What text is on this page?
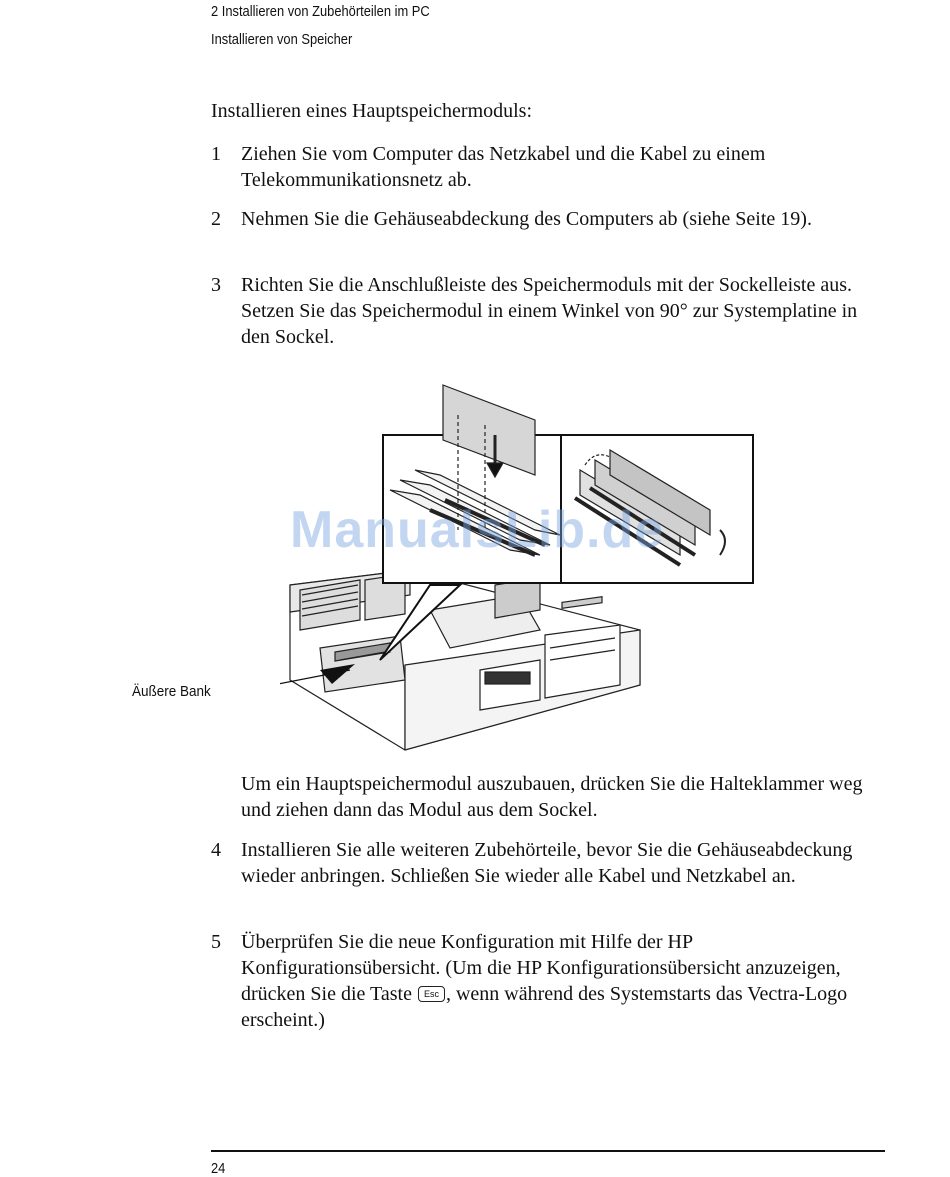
2 Installieren von Zubehörteilen im PC
Installieren von Speicher
Installieren eines Hauptspeichermoduls:
1 Ziehen Sie vom Computer das Netzkabel und die Kabel zu einem Telekommunikationsnetz ab.
2 Nehmen Sie die Gehäuseabdeckung des Computers ab (siehe Seite 19).
3 Richten Sie die Anschlußleiste des Speichermoduls mit der Sockelleiste aus. Setzen Sie das Speichermodul in einem Winkel von 90° zur Systemplatine in den Sockel.
Äußere Bank
ManualsLib.de
Um ein Hauptspeichermodul auszubauen, drücken Sie die Halteklammer weg und ziehen dann das Modul aus dem Sockel.
4 Installieren Sie alle weiteren Zubehörteile, bevor Sie die Gehäuseabdeckung wieder anbringen. Schließen Sie wieder alle Kabel und Netzkabel an.
5 Überprüfen Sie die neue Konfiguration mit Hilfe der HP Konfigurationsübersicht. (Um die HP Konfigurationsübersicht anzuzeigen, drücken Sie die Taste Esc , wenn während des Systemstarts das Vectra-Logo erscheint.)
24
